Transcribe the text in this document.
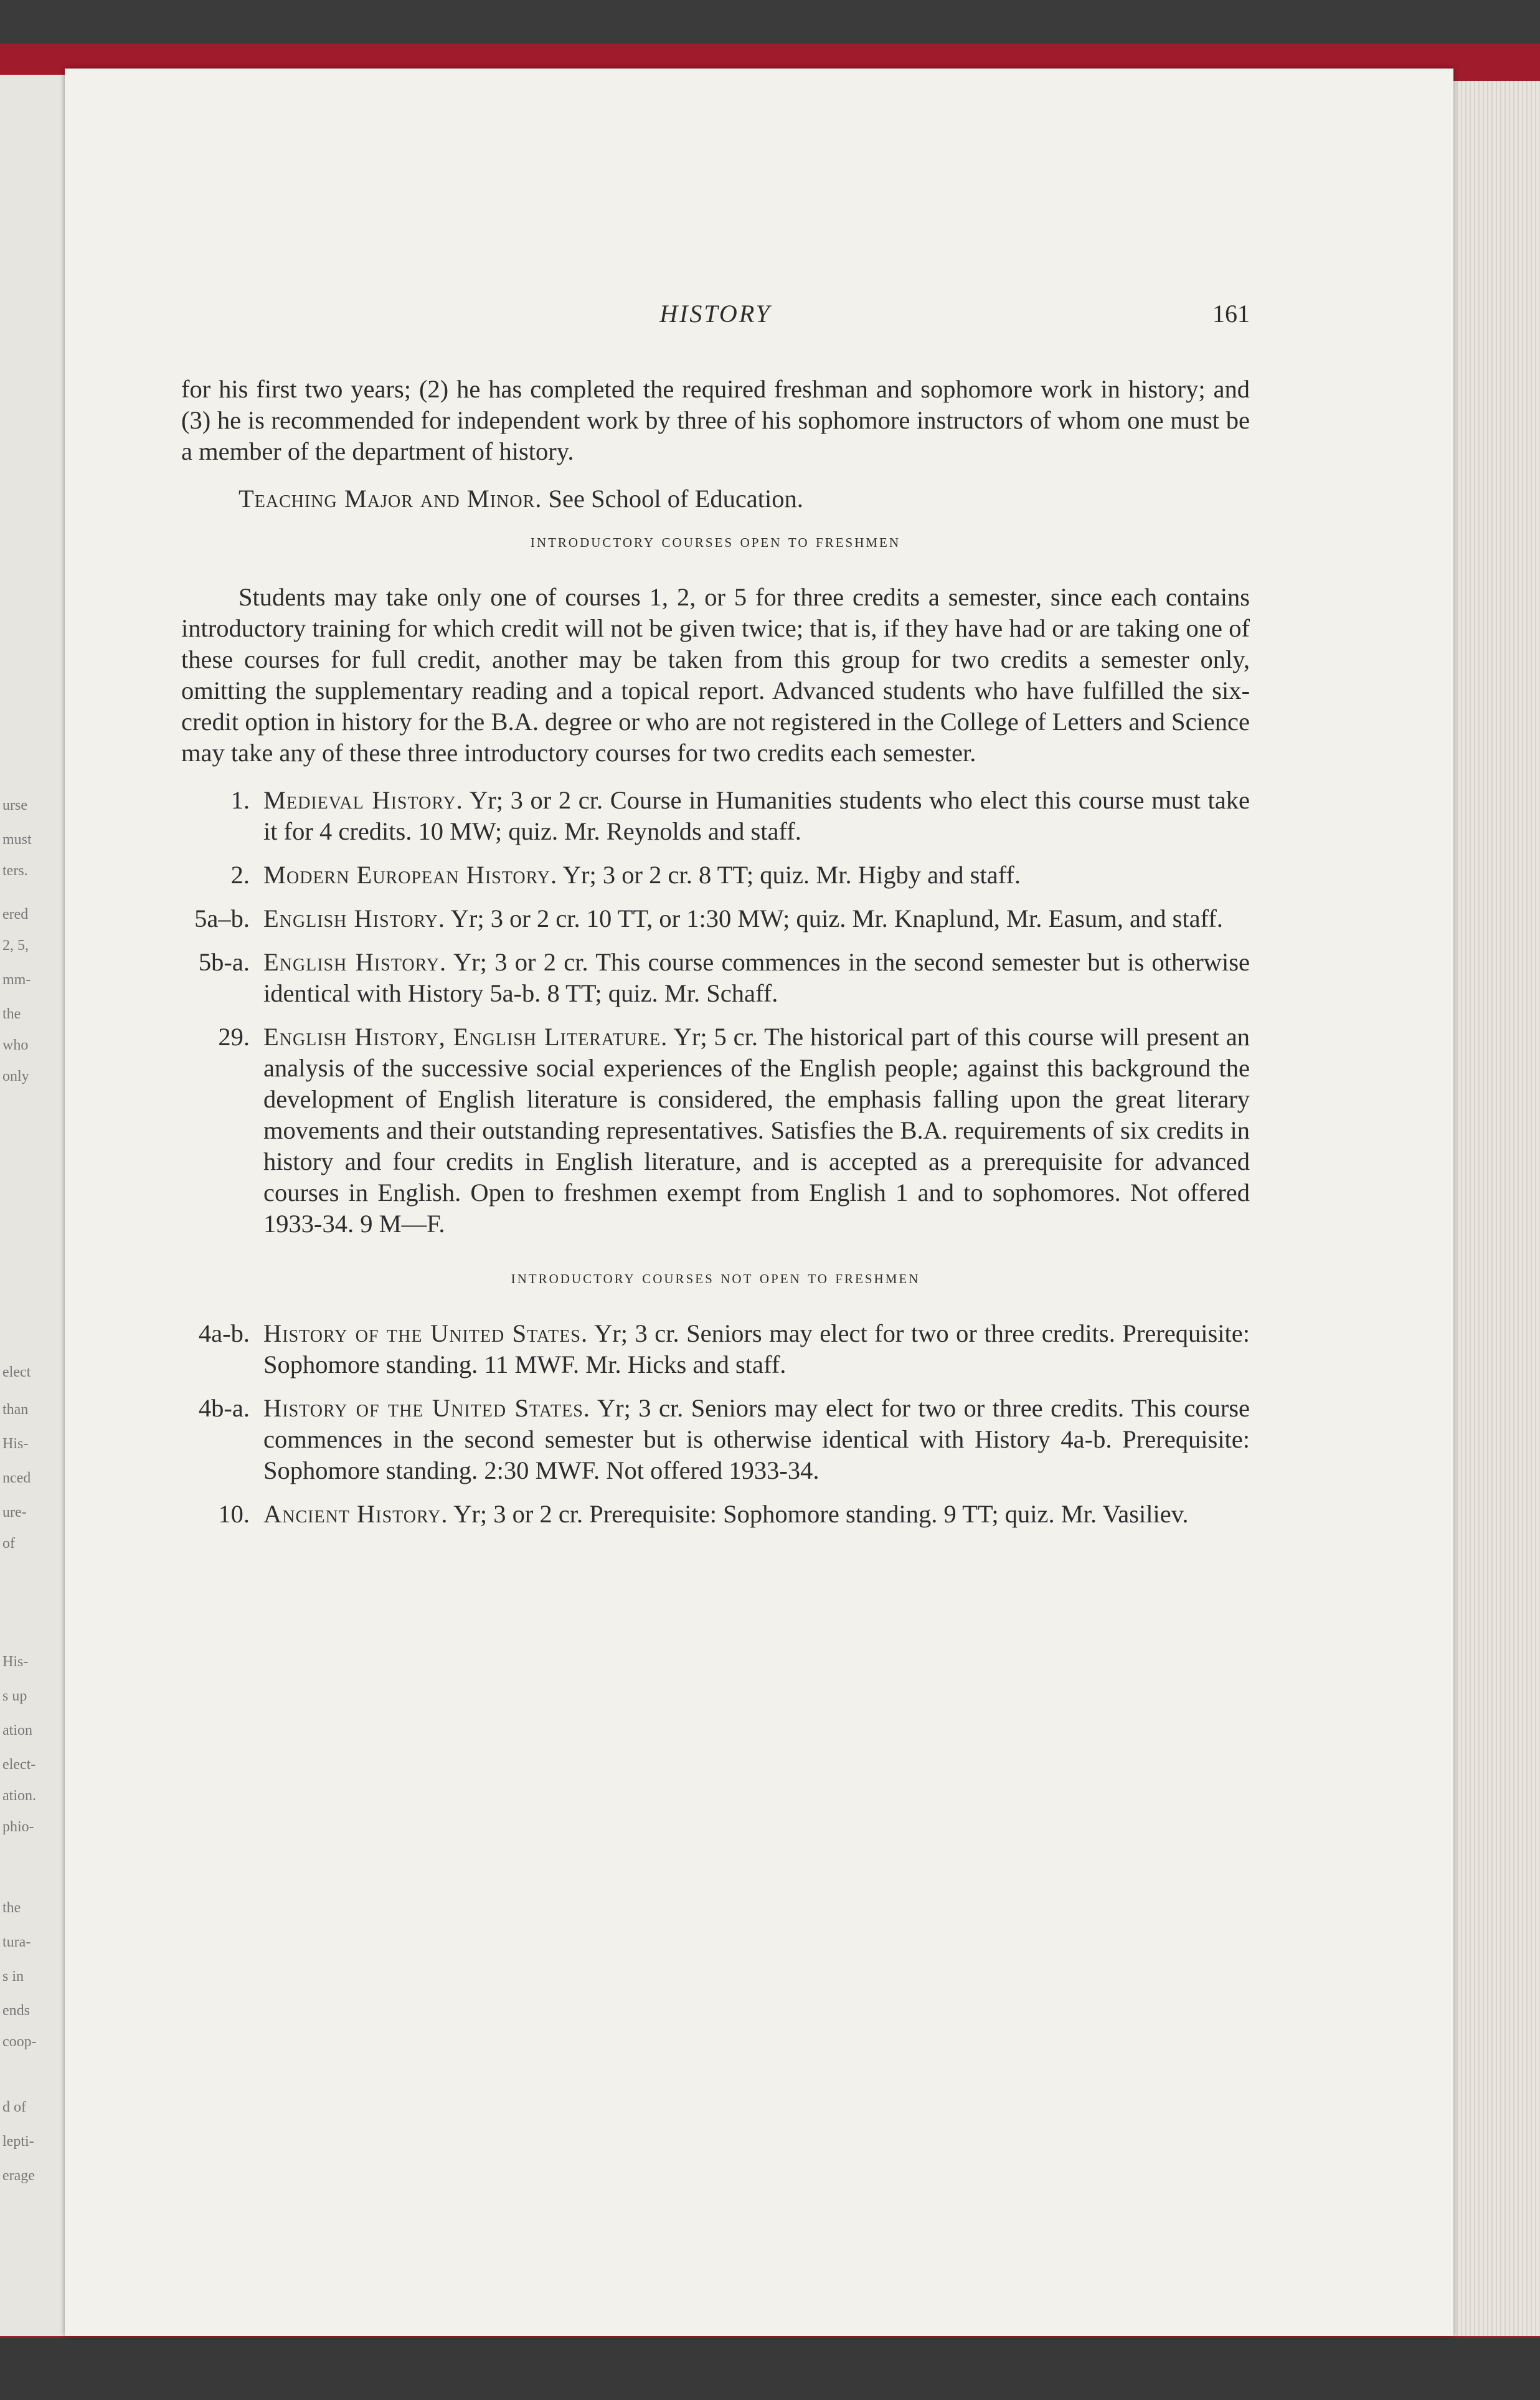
urse
must
ters.
ered
2, 5,
mm-
the
who
only
elect
than
His-
nced
ure-
of
His-
s up
ation
elect-
ation.
phio-
the
tura-
s in
ends
coop-
d of
lepti-
erage
HISTORY	161

for his first two years; (2) he has completed the required freshman and sophomore work in history; and (3) he is recommended for independent work by three of his sophomore instructors of whom one must be a member of the department of history.

Teaching Major and Minor. See School of Education.

introductory courses open to freshmen

Students may take only one of courses 1, 2, or 5 for three credits a semester, since each contains introductory training for which credit will not be given twice; that is, if they have had or are taking one of these courses for full credit, another may be taken from this group for two credits a semester only, omitting the supplementary reading and a topical report. Advanced students who have fulfilled the six-credit option in history for the B.A. degree or who are not registered in the College of Letters and Science may take any of these three introductory courses for two credits each semester.

1. Medieval History. Yr; 3 or 2 cr. Course in Humanities students who elect this course must take it for 4 credits. 10 MW; quiz. Mr. Reynolds and staff.
2. Modern European History. Yr; 3 or 2 cr. 8 TT; quiz. Mr. Higby and staff.
5a–b. English History. Yr; 3 or 2 cr. 10 TT, or 1:30 MW; quiz. Mr. Knaplund, Mr. Easum, and staff.
5b-a. English History. Yr; 3 or 2 cr. This course commences in the second semester but is otherwise identical with History 5a-b. 8 TT; quiz. Mr. Schaff.
29. English History, English Literature. Yr; 5 cr. The historical part of this course will present an analysis of the successive social experiences of the English people; against this background the development of English literature is considered, the emphasis falling upon the great literary movements and their outstanding representatives. Satisfies the B.A. requirements of six credits in history and four credits in English literature, and is accepted as a prerequisite for advanced courses in English. Open to freshmen exempt from English 1 and to sophomores. Not offered 1933-34. 9 M—F.
introductory courses not open to freshmen
4a-b. History of the United States. Yr; 3 cr. Seniors may elect for two or three credits. Prerequisite: Sophomore standing. 11 MWF. Mr. Hicks and staff.
4b-a. History of the United States. Yr; 3 cr. Seniors may elect for two or three credits. This course commences in the second semester but is otherwise identical with History 4a-b. Prerequisite: Sophomore standing. 2:30 MWF. Not offered 1933-34.
10. Ancient History. Yr; 3 or 2 cr. Prerequisite: Sophomore standing. 9 TT; quiz. Mr. Vasiliev.
